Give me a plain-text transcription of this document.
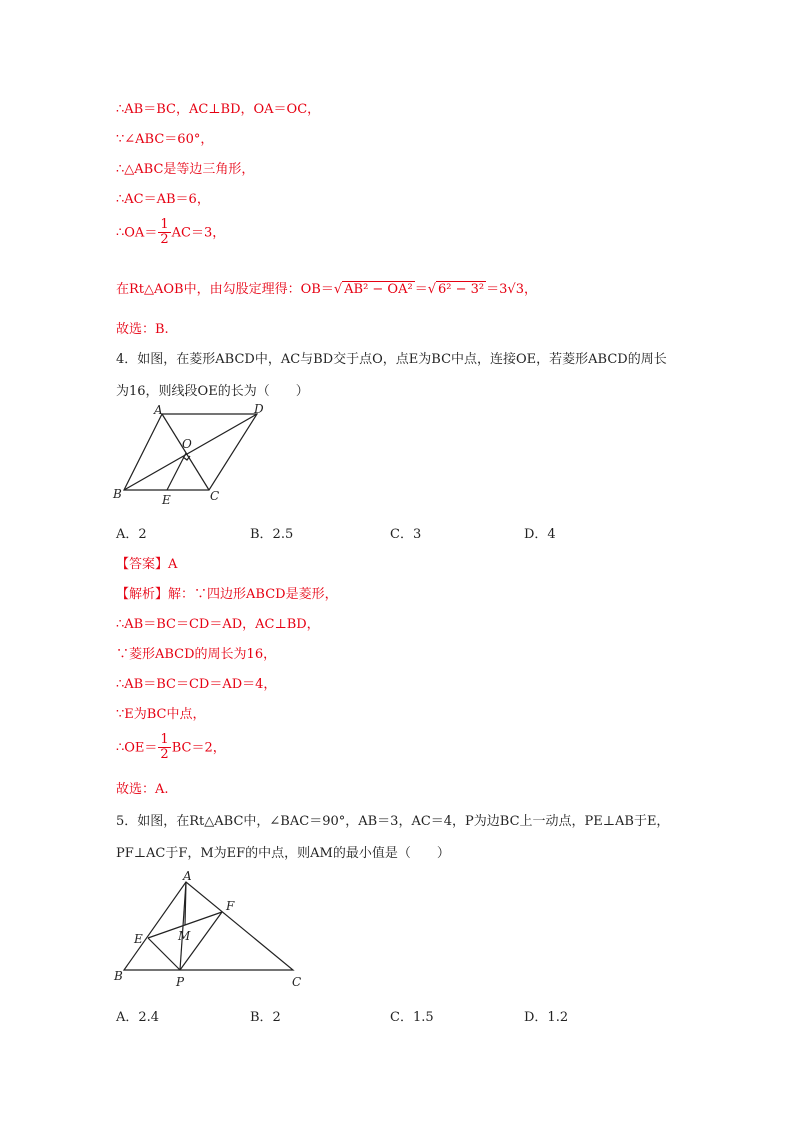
∴AB＝BC，AC⊥BD，OA＝OC，
∵∠ABC＝60°，
∴△ABC是等边三角形，
∴AC＝AB＝6，
∴OA＝ $\frac{1}{2} AC=3$，
在Rt△AOB中，由勾股定理得：OB＝√ AB² − OA² ＝√ 6² − 3² ＝3√3，
故选：B.
4．如图，在菱形ABCD中，AC与BD交于点O，点E为BC中点，连接OE，若菱形ABCD的周长
为16，则线段OE的长为（　　）
A	D
O
B	E	C
A．2	B．2.5	C．3	D．4
【答案】A
【解析】解：∵四边形ABCD是菱形，
∴AB＝BC＝CD＝AD，AC⊥BD，
∵菱形ABCD的周长为16，
∴AB＝BC＝CD＝AD＝4，
∵E为BC中点，
∴OE＝ $\frac{1}{2} BC=2$，
故选：A.
5．如图，在Rt△ABC中，∠BAC＝90°，AB＝3，AC＝4，P为边BC上一动点，PE⊥AB于E，
PF⊥AC于F，M为EF的中点，则AM的最小值是（　　）
A
F
E	M
B	P	C
A．2.4	B．2	C．1.5	D．1.2
